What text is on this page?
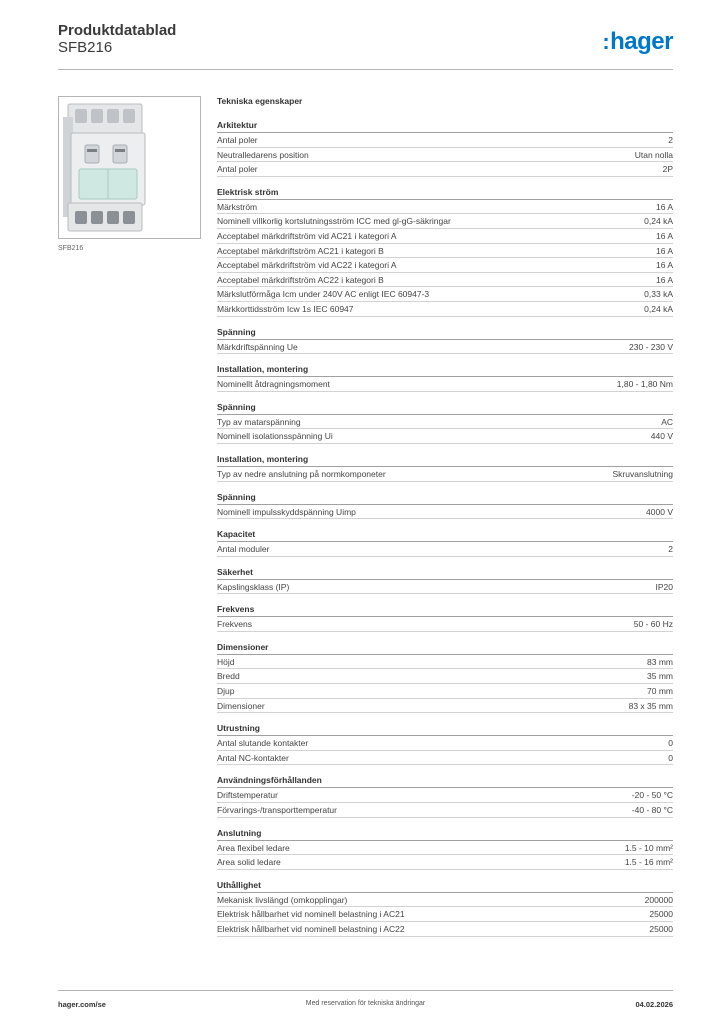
Produktdatablad
SFB216	:hager
SFB216
Tekniska egenskaper
Arkitektur
Antal poler	2
Neutralledarens position	Utan nolla
Antal poler	2P
Elektrisk ström
Märkström	16 A
Nominell villkorlig kortslutningsström ICC med gl-gG-säkringar	0,24 kA
Acceptabel märkdriftström vid AC21 i kategori A	16 A
Acceptabel märkdriftström AC21 i kategori B	16 A
Acceptabel märkdriftström vid AC22 i kategori A	16 A
Acceptabel märkdriftström AC22 i kategori B	16 A
Märkslutförmåga Icm under 240V AC enligt IEC 60947-3	0,33 kA
Märkkorttidsström Icw 1s IEC 60947	0,24 kA
Spänning
Märkdriftspänning Ue	230 - 230 V
Installation, montering
Nominellt åtdragningsmoment	1,80 - 1,80 Nm
Spänning
Typ av matarspänning	AC
Nominell isolationsspänning Ui	440 V
Installation, montering
Typ av nedre anslutning på normkomponeter	Skruvanslutning
Spänning
Nominell impulsskyddspänning Uimp	4000 V
Kapacitet
Antal moduler	2
Säkerhet
Kapslingsklass (IP)	IP20
Frekvens
Frekvens	50 - 60 Hz
Dimensioner
Höjd	83 mm
Bredd	35 mm
Djup	70 mm
Dimensioner	83 x 35 mm
Utrustning
Antal slutande kontakter	0
Antal NC-kontakter	0
Användningsförhållanden
Driftstemperatur	-20 - 50 °C
Förvarings-/transporttemperatur	-40 - 80 °C
Anslutning
Area flexibel ledare	1.5 - 10 mm²
Area solid ledare	1.5 - 16 mm²
Uthållighet
Mekanisk livslängd (omkopplingar)	200000
Elektrisk hållbarhet vid nominell belastning i AC21	25000
Elektrisk hållbarhet vid nominell belastning i AC22	25000
hager.com/se	Med reservation för tekniska ändringar	04.02.2026
